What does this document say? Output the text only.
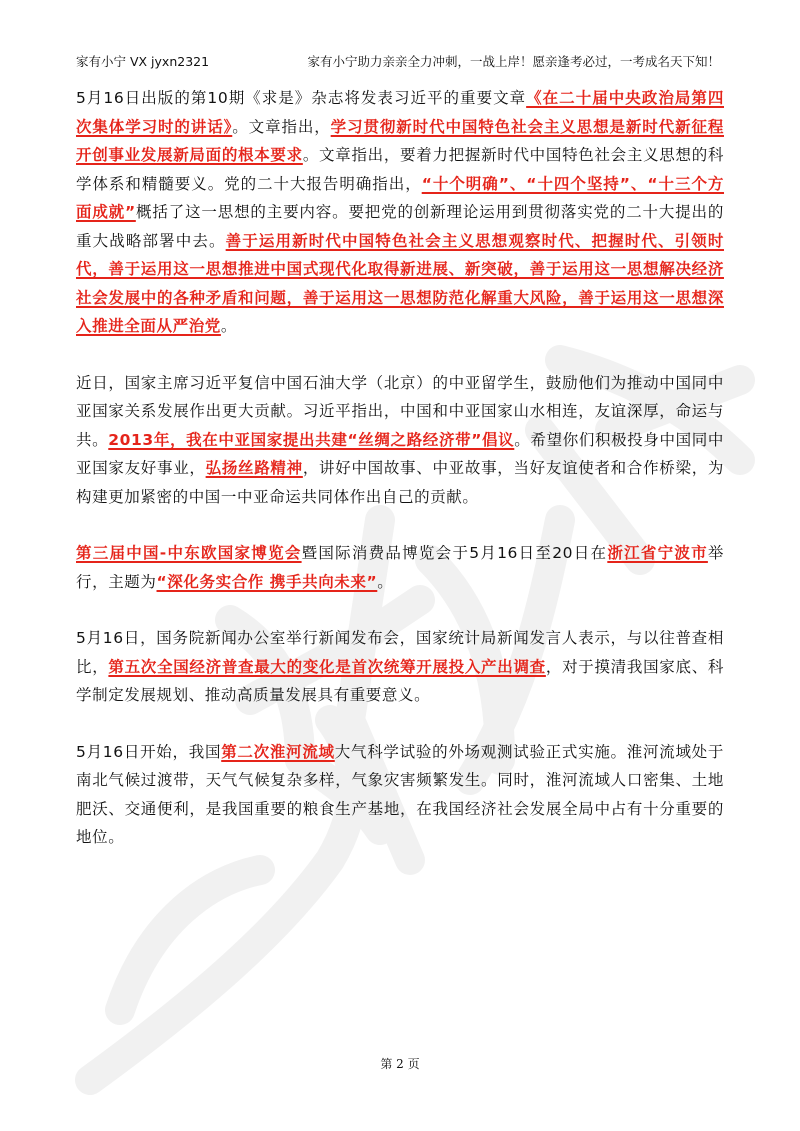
家有小宁 VX jyxn2321	家有小宁助力亲亲全力冲刺，一战上岸！愿亲逢考必过，一考成名天下知！

5月16日出版的第10期《求是》杂志将发表习近平的重要文章《在二十届中央政治局第四次集体学习时的讲话》。文章指出，学习贯彻新时代中国特色社会主义思想是新时代新征程开创事业发展新局面的根本要求。文章指出，要着力把握新时代中国特色社会主义思想的科学体系和精髓要义。党的二十大报告明确指出，“十个明确”、“十四个坚持”、“十三个方面成就”概括了这一思想的主要内容。要把党的创新理论运用到贯彻落实党的二十大提出的重大战略部署中去。善于运用新时代中国特色社会主义思想观察时代、把握时代、引领时代，善于运用这一思想推进中国式现代化取得新进展、新突破，善于运用这一思想解决经济社会发展中的各种矛盾和问题，善于运用这一思想防范化解重大风险，善于运用这一思想深入推进全面从严治党。

近日，国家主席习近平复信中国石油大学（北京）的中亚留学生，鼓励他们为推动中国同中亚国家关系发展作出更大贡献。习近平指出，中国和中亚国家山水相连，友谊深厚，命运与共。2013年，我在中亚国家提出共建“丝绸之路经济带”倡议。希望你们积极投身中国同中亚国家友好事业，弘扬丝路精神，讲好中国故事、中亚故事，当好友谊使者和合作桥梁，为构建更加紧密的中国一中亚命运共同体作出自己的贡献。

第三届中国-中东欧国家博览会暨国际消费品博览会于5月16日至20日在浙江省宁波市举行，主题为“深化务实合作 携手共向未来”。

5月16日，国务院新闻办公室举行新闻发布会，国家统计局新闻发言人表示，与以往普查相比，第五次全国经济普查最大的变化是首次统筹开展投入产出调查，对于摸清我国家底、科学制定发展规划、推动高质量发展具有重要意义。

5月16日开始，我国第二次淮河流域大气科学试验的外场观测试验正式实施。淮河流域处于南北气候过渡带，天气气候复杂多样，气象灾害频繁发生。同时，淮河流域人口密集、土地肥沃、交通便利，是我国重要的粮食生产基地，在我国经济社会发展全局中占有十分重要的地位。

第 2 页
